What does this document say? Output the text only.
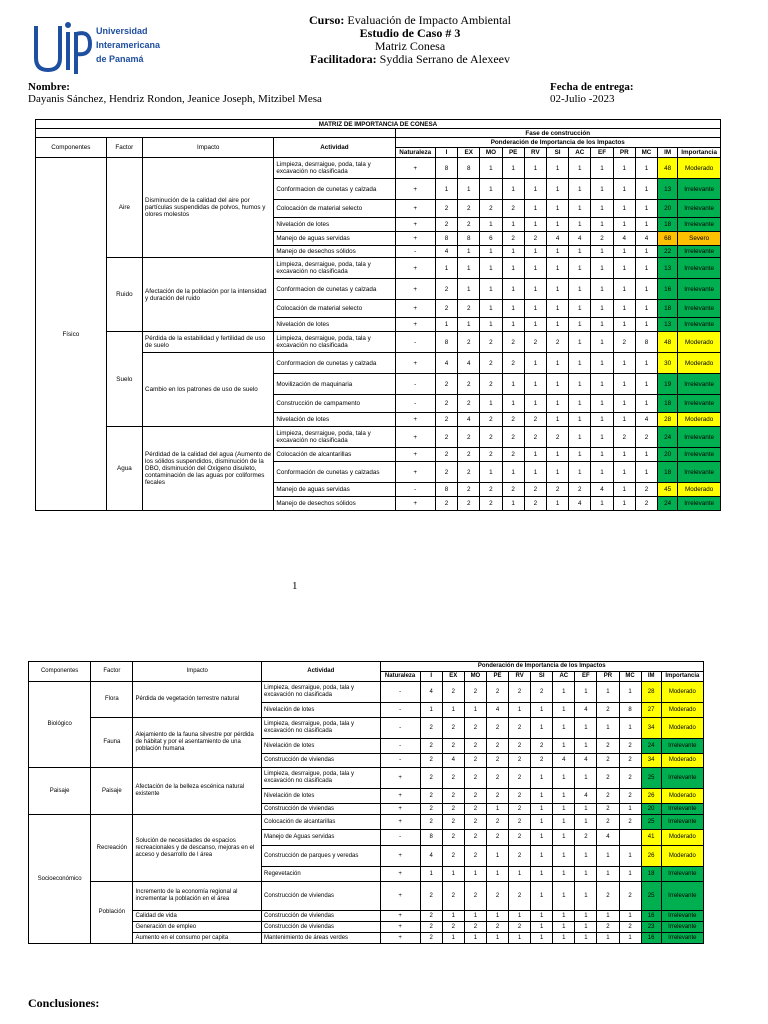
Universidad
Interamericana
de Panamá
Curso: Evaluación de Impacto Ambiental
Estudio de Caso # 3
Matriz Conesa
Facilitadora: Syddia Serrano de Alexeev
Nombre:
Dayanis Sánchez, Hendriz Rondon, Jeanice Joseph, Mitzibel Mesa
Fecha de entrega:
02-Julio -2023
MATRIZ DE IMPORTANCIA DE CONESA																
				Fase de construcción												
Componentes	Factor	Impacto	Actividad	Ponderación de Importancia de los Impactos												
				Naturaleza	I	EX	MO	PE	RV	SI	AC	EF	PR	MC	IM	Importancia
Físico	Aire	Disminución de la calidad del aire por partículas suspendidas de polvos, humos y olores molestos	Limpieza, desrraigue, poda, tala y excavación no clasificada	+	8	8	1	1	1	1	1	1	1	1	48	Moderado
			Conformacion de cunetas y calzada	+	1	1	1	1	1	1	1	1	1	1	13	Irrelevante
			Colocación de material selecto	+	2	2	2	2	1	1	1	1	1	1	20	Irrelevante
			Nivelación de lotes	+	2	2	1	1	1	1	1	1	1	1	18	Irrelevante
			Manejo de aguas servidas	+	8	8	6	2	2	4	4	2	4	4	68	Severo
			Manejo de desechos sólidos	-	4	1	1	1	1	1	1	1	1	1	22	Irrelevante
	Ruido	Afectación de la población por la intensidad y duración del ruido	Limpieza, desrraigue, poda, tala y excavación no clasificada	+	1	1	1	1	1	1	1	1	1	1	13	Irrelevante
			Conformacion de cunetas y calzada	+	2	1	1	1	1	1	1	1	1	1	16	Irrelevante
			Colocación de material selecto	+	2	2	1	1	1	1	1	1	1	1	18	Irrelevante
			Nivelación de lotes	+	1	1	1	1	1	1	1	1	1	1	13	Irrelevante
	Suelo	Pérdida de la estabilidad y fertilidad de uso de suelo	Limpieza, desrraigue, poda, tala y excavación no clasificada	-	8	2	2	2	2	2	1	1	2	8	48	Moderado
		Cambio en los patrones de uso de suelo	Conformacion de cunetas y calzada	+	4	4	2	2	1	1	1	1	1	1	30	Moderado
			Movilización de maquinaria	-	2	2	2	1	1	1	1	1	1	1	19	Irrelevante
			Construcción de campamento	-	2	2	1	1	1	1	1	1	1	1	18	Irrelevante
			Nivelación de lotes	+	2	4	2	2	2	1	1	1	1	4	28	Moderado
	Agua	Pérdidad de la calidad del agua (Aumento de los sólidos suspendidos, disminución de la DBO, disminución del Oxígeno disuleto, contaminación de las aguas por coliformes fecales	Limpieza, desrraigue, poda, tala y excavación no clasificada	+	2	2	2	2	2	2	1	1	2	2	24	Irrelevante
			Colocación de alcantarillas	+	2	2	2	2	1	1	1	1	1	1	20	Irrelevante
			Conformación de cunetas y calzadas	+	2	2	1	1	1	1	1	1	1	1	18	Irrelevante
			Manejo de aguas servidas	-	8	2	2	2	2	2	2	4	1	2	45	Moderado
			Manejo de desechos sólidos	+	2	2	2	1	2	1	4	1	1	2	24	Irrelevante
1
Componentes	Factor	Impacto	Actividad	Ponderación de Importancia de los Impactos												
				Naturaleza	I	EX	MO	PE	RV	SI	AC	EF	PR	MC	IM	Importancia
Biológico	Flora	Pérdida de vegetación terrestre natural	Limpieza, desrraigue, poda, tala y excavación no clasificada	-	4	2	2	2	2	2	1	1	1	1	28	Moderado
			Nivelación de lotes	-	1	1	1	4	1	1	1	4	2	8	27	Moderado
	Fauna	Alejamiento de la fauna silvestre por pérdida de hábitat y por el asentamiento de una población humana	Limpieza, desrraigue, poda, tala y excavación no clasificada	-	2	2	2	2	2	1	1	1	1	1	34	Moderado
			Nivelación de lotes	-	2	2	2	2	2	2	1	1	2	2	24	Irrelevante
			Construcción de viviendas	-	2	4	2	2	2	2	4	4	2	2	34	Moderado
Paisaje	Paisaje	Afectación de la belleza escénica natural existente	Limpieza, desrraigue, poda, tala y excavación no clasificada	+	2	2	2	2	2	1	1	1	2	2	25	Irrelevante
			Nivelación de lotes	+	2	2	2	2	2	1	1	4	2	2	26	Moderado
			Construcción de viviendas	+	2	2	2	1	2	1	1	1	2	1	20	Irrelevante
Socioeconómico	Recreación	Solución de necesidades de espacios recreacionales y de descanso, mejoras en el acceso y desarrollo de l área	Colocación de alcantarillas	+	2	2	2	2	2	1	1	1	2	2	25	Irrelevante
			Manejo de Aguas servidas	-	8	2	2	2	2	1	1	2	4		41	Moderado
			Construcción de parques y veredas	+	4	2	2	1	2	1	1	1	1	1	26	Moderado
			Regevetación	+	1	1	1	1	1	1	1	1	1	1	18	Irrelevante
	Población	Incremento de la economía regional al incrementar la población en el área	Construcción de viviendas	+	2	2	2	2	2	1	1	1	2	2	25	Irrelevante
		Calidad de vida	Construcción de viviendas	+	2	1	1	1	1	1	1	1	1	1	16	Irrelevante
		Generación de empleo	Construcción de viviendas	+	2	2	2	2	2	1	1	1	2	2	23	Irrelevante
		Aumento en el consumo per capita	Mantenimiento de áreas verdes	+	2	1	1	1	1	1	1	1	1	1	16	Irrelevante
Conclusiones:
